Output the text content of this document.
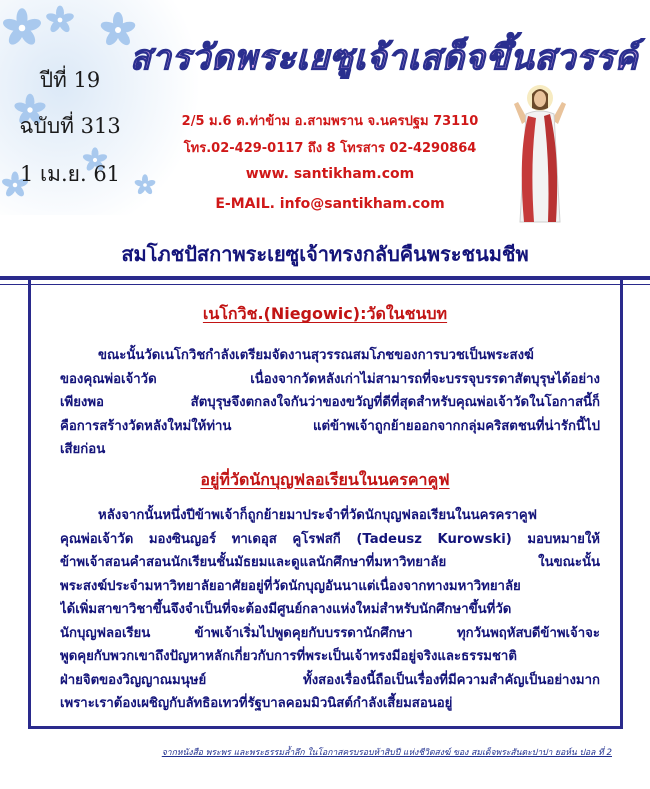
ปีที่ 19
ฉบับที่ 313
1 เม.ย. 61
สารวัดพระเยซูเจ้าเสด็จขึ้นสวรรค์
2/5 ม.6 ต.ท่าข้าม อ.สามพราน จ.นครปฐม 73110
โทร.02-429-0117 ถึง 8 โทรสาร 02-4290864
www. santikham.com
E-MAIL. info@santikham.com
สมโภชปัสกาพระเยซูเจ้าทรงกลับคืนพระชนมชีพ
เนโกวิช.(Niegowic):วัดในชนบท
ขณะนั้นวัดเนโกวิชกำลังเตรียมจัดงานสุวรรณสมโภชของการบวชเป็นพระสงฆ์
ของคุณพ่อเจ้าวัด เนื่องจากวัดหลังเก่าไม่สามารถที่จะบรรจุบรรดาสัตบุรุษได้อย่าง
เพียงพอ สัตบุรุษจึงตกลงใจกันว่าของขวัญที่ดีที่สุดสำหรับคุณพ่อเจ้าวัดในโอกาสนี้ก็
คือการสร้างวัดหลังใหม่ให้ท่าน แต่ข้าพเจ้าถูกย้ายออกจากกลุ่มคริสตชนที่น่ารักนี้ไป
เสียก่อน
อยู่ที่วัดนักบุญฟลอเรียนในนครคาคูฟ
หลังจากนั้นหนึ่งปีข้าพเจ้าก็ถูกย้ายมาประจำที่วัดนักบุญฟลอเรียนในนครคราคูฟ
คุณพ่อเจ้าวัด มองซินญอร์ ทาเดอุส คูโรฟสกี (Tadeusz Kurowski) มอบหมายให้
ข้าพเจ้าสอนคำสอนนักเรียนชั้นมัธยมและดูแลนักศึกษาที่มหาวิทยาลัย ในขณะนั้น
พระสงฆ์ประจำมหาวิทยาลัยอาศัยอยู่ที่วัดนักบุญอันนาแต่เนื่องจากทางมหาวิทยาลัย
ได้เพิ่มสาขาวิชาขึ้นจึงจำเป็นที่จะต้องมีศูนย์กลางแห่งใหม่สำหรับนักศึกษาขึ้นที่วัด
นักบุญฟลอเรียน ข้าพเจ้าเริ่มไปพูดคุยกับบรรดานักศึกษา ทุกวันพฤหัสบดีข้าพเจ้าจะ
พูดคุยกับพวกเขาถึงปัญหาหลักเกี่ยวกับการที่พระเป็นเจ้าทรงมีอยู่จริงและธรรมชาติ
ฝ่ายจิตของวิญญาณมนุษย์ ทั้งสองเรื่องนี้ถือเป็นเรื่องที่มีความสำคัญเป็นอย่างมาก
เพราะเราต้องเผชิญกับลัทธิอเทวที่รัฐบาลคอมมิวนิสต์กำลังเสี้ยมสอนอยู่
จากหนังสือ พระพร และพระธรรมล้ำลึก ในโอกาสครบรอบห้าสิบปี แห่งชีวิตสงฆ์ ของ สมเด็จพระสันตะปาปา ยอห์น ปอล ที่ 2
